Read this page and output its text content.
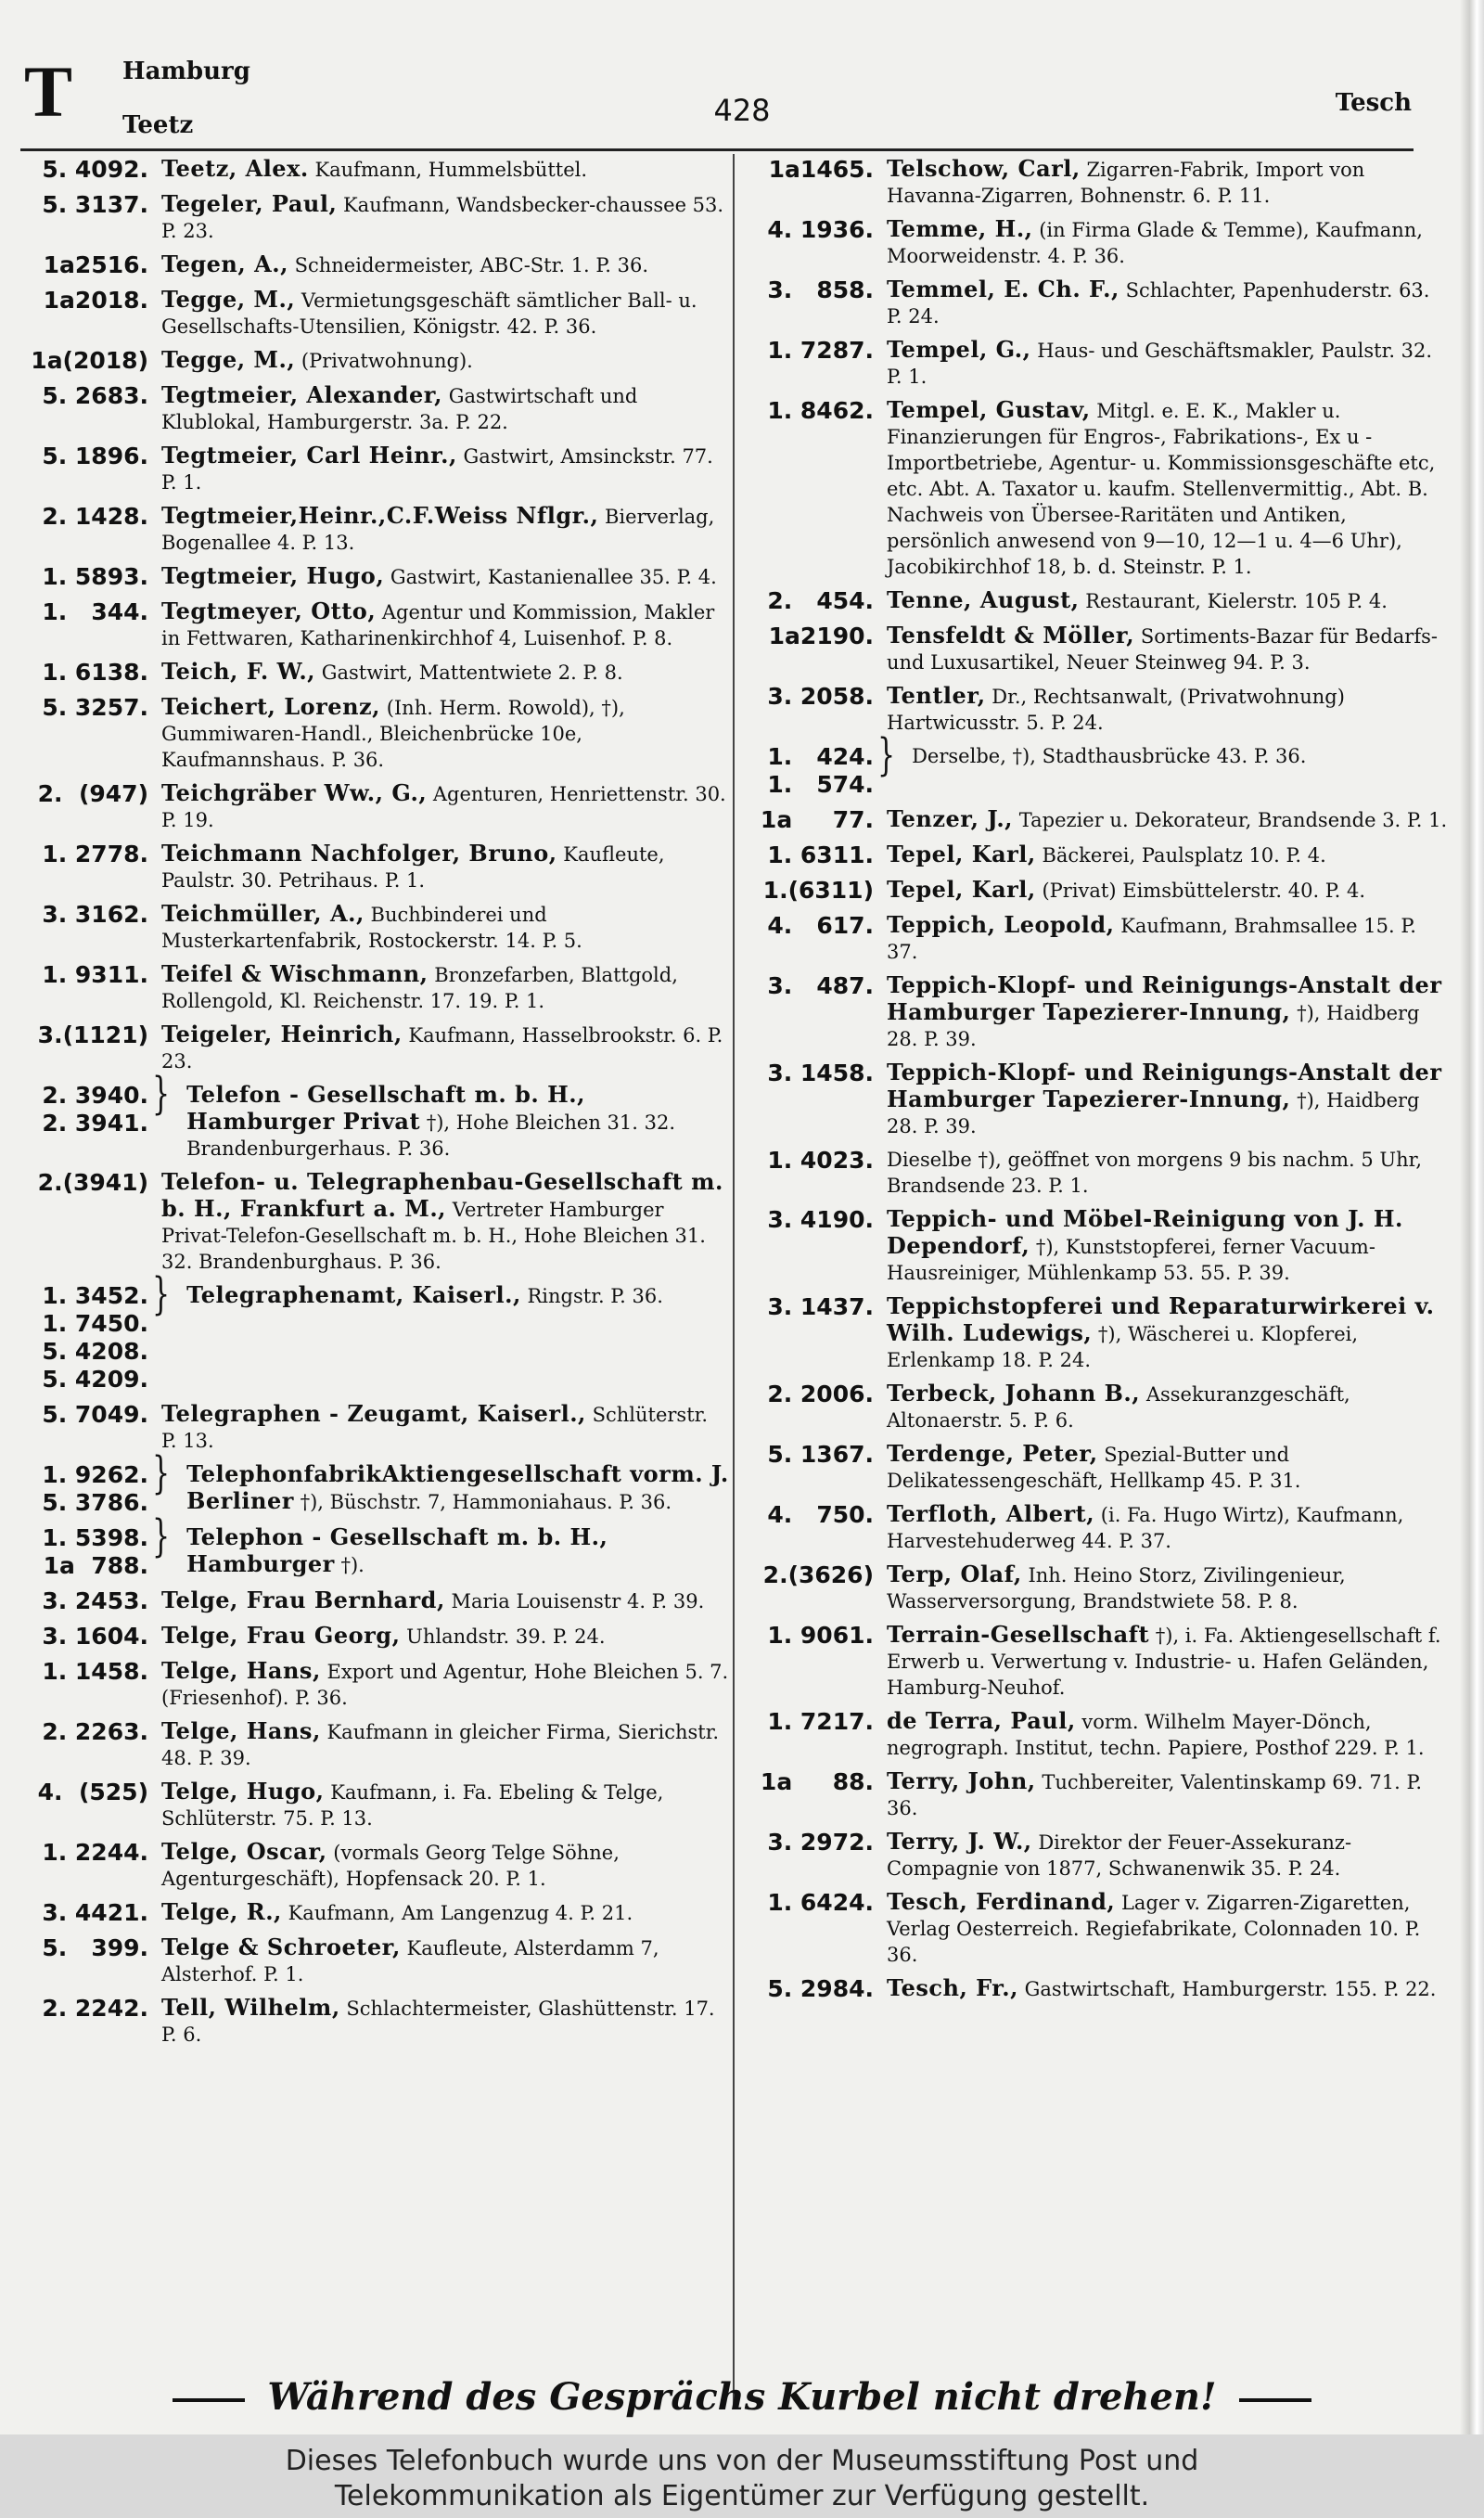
T Hamburg
Teetz	428	Tesch
5. 4092. Teetz, Alex. Kaufmann, Hummelsbüttel.
5. 3137. Tegeler, Paul, Kaufmann, Wandsbecker-chaussee 53. P. 23.
1a2516. Tegen, A., Schneidermeister, ABC-Str. 1. P. 36.
1a2018. Tegge, M., Vermietungsgeschäft sämtlicher Ball- u. Gesellschafts-Utensilien, Königstr. 42. P. 36.
1a(2018) Tegge, M., (Privatwohnung).
5. 2683. Tegtmeier, Alexander, Gastwirtschaft und Klublokal, Hamburgerstr. 3a. P. 22.
5. 1896. Tegtmeier, Carl Heinr., Gastwirt, Amsinckstr. 77. P. 1.
2. 1428. Tegtmeier,Heinr.,C.F.Weiss Nflgr., Bierverlag, Bogenallee 4. P. 13.
1. 5893. Tegtmeier, Hugo, Gastwirt, Kastanienallee 35. P. 4.
1.   344. Tegtmeyer, Otto, Agentur und Kommission, Makler in Fettwaren, Katharinenkirchhof 4, Luisenhof. P. 8.
1. 6138. Teich, F. W., Gastwirt, Mattentwiete 2. P. 8.
5. 3257. Teichert, Lorenz, (Inh. Herm. Rowold), †), Gummiwaren-Handl., Bleichenbrücke 10e, Kaufmannshaus. P. 36.
2.  (947) Teichgräber Ww., G., Agenturen, Henriettenstr. 30. P. 19.
1. 2778. Teichmann Nachfolger, Bruno, Kaufleute, Paulstr. 30. Petrihaus. P. 1.
3. 3162. Teichmüller, A., Buchbinderei und Musterkartenfabrik, Rostockerstr. 14. P. 5.
1. 9311. Teifel & Wischmann, Bronzefarben, Blattgold, Rollengold, Kl. Reichenstr. 17. 19. P. 1.
3.(1121) Teigeler, Heinrich, Kaufmann, Hasselbrookstr. 6. P. 23.
2. 3940.
2. 3941.
} Telefon - Gesellschaft m. b. H., Hamburger Privat †), Hohe Bleichen 31. 32. Brandenburgerhaus. P. 36.
2.(3941) Telefon- u. Telegraphenbau-Gesellschaft m. b. H., Frankfurt a. M., Vertreter Hamburger Privat-Telefon-Gesellschaft m. b. H., Hohe Bleichen 31. 32. Brandenburghaus. P. 36.
1. 3452.
1. 7450.
5. 4208.
5. 4209.
} Telegraphenamt, Kaiserl., Ringstr. P. 36.
5. 7049. Telegraphen - Zeugamt, Kaiserl., Schlüterstr. P. 13.
1. 9262.
5. 3786.
} TelephonfabrikAktiengesellschaft vorm. J. Berliner †), Büschstr. 7, Hammoniahaus. P. 36.
1. 5398.
1a  788.
} Telephon - Gesellschaft m. b. H., Hamburger †).
3. 2453. Telge, Frau Bernhard, Maria Louisenstr 4. P. 39.
3. 1604. Telge, Frau Georg, Uhlandstr. 39. P. 24.
1. 1458. Telge, Hans, Export und Agentur, Hohe Bleichen 5. 7. (Friesenhof). P. 36.
2. 2263. Telge, Hans, Kaufmann in gleicher Firma, Sierichstr. 48. P. 39.
4.  (525) Telge, Hugo, Kaufmann, i. Fa. Ebeling & Telge, Schlüterstr. 75. P. 13.
1. 2244. Telge, Oscar, (vormals Georg Telge Söhne, Agenturgeschäft), Hopfensack 20. P. 1.
3. 4421. Telge, R., Kaufmann, Am Langenzug 4. P. 21.
5.   399. Telge & Schroeter, Kaufleute, Alsterdamm 7, Alsterhof. P. 1.
2. 2242. Tell, Wilhelm, Schlachtermeister, Glashüttenstr. 17. P. 6.
1a1465. Telschow, Carl, Zigarren-Fabrik, Import von Havanna-Zigarren, Bohnenstr. 6. P. 11.
4. 1936. Temme, H., (in Firma Glade & Temme), Kaufmann, Moorweidenstr. 4. P. 36.
3.   858. Temmel, E. Ch. F., Schlachter, Papenhuderstr. 63. P. 24.
1. 7287. Tempel, G., Haus- und Geschäftsmakler, Paulstr. 32. P. 1.
1. 8462. Tempel, Gustav, Mitgl. e. E. K., Makler u. Finanzierungen für Engros-, Fabrikations-, Ex u -Importbetriebe, Agentur- u. Kommissionsgeschäfte etc, etc. Abt. A. Taxator u. kaufm. Stellenvermittig., Abt. B. Nachweis von Übersee-Raritäten und Antiken, persönlich anwesend von 9—10, 12—1 u. 4—6 Uhr), Jacobikirchhof 18, b. d. Steinstr. P. 1.
2.   454. Tenne, August, Restaurant, Kielerstr. 105 P. 4.
1a2190. Tensfeldt & Möller, Sortiments-Bazar für Bedarfs- und Luxusartikel, Neuer Steinweg 94. P. 3.
3. 2058. Tentler, Dr., Rechtsanwalt, (Privatwohnung) Hartwicusstr. 5. P. 24.
1.   424.
1.   574.
} Derselbe, †), Stadthausbrücke 43. P. 36.
1a     77. Tenzer, J., Tapezier u. Dekorateur, Brandsende 3. P. 1.
1. 6311. Tepel, Karl, Bäckerei, Paulsplatz 10. P. 4.
1.(6311) Tepel, Karl, (Privat) Eimsbüttelerstr. 40. P. 4.
4.   617. Teppich, Leopold, Kaufmann, Brahmsallee 15. P. 37.
3.   487. Teppich-Klopf- und Reinigungs-Anstalt der Hamburger Tapezierer-Innung, †), Haidberg 28. P. 39.
3. 1458. Teppich-Klopf- und Reinigungs-Anstalt der Hamburger Tapezierer-Innung, †), Haidberg 28. P. 39.
1. 4023. Dieselbe †), geöffnet von morgens 9 bis nachm. 5 Uhr, Brandsende 23. P. 1.
3. 4190. Teppich- und Möbel-Reinigung von J. H. Dependorf, †), Kunststopferei, ferner Vacuum-Hausreiniger, Mühlenkamp 53. 55. P. 39.
3. 1437. Teppichstopferei und Reparaturwirkerei v. Wilh. Ludewigs, †), Wäscherei u. Klopferei, Erlenkamp 18. P. 24.
2. 2006. Terbeck, Johann B., Assekuranzgeschäft, Altonaerstr. 5. P. 6.
5. 1367. Terdenge, Peter, Spezial-Butter und Delikatessengeschäft, Hellkamp 45. P. 31.
4.   750. Terfloth, Albert, (i. Fa. Hugo Wirtz), Kaufmann, Harvestehuderweg 44. P. 37.
2.(3626) Terp, Olaf, Inh. Heino Storz, Zivilingenieur, Wasserversorgung, Brandstwiete 58. P. 8.
1. 9061. Terrain-Gesellschaft †), i. Fa. Aktiengesellschaft f. Erwerb u. Verwertung v. Industrie- u. Hafen Geländen, Hamburg-Neuhof.
1. 7217. de Terra, Paul, vorm. Wilhelm Mayer-Dönch, negrograph. Institut, techn. Papiere, Posthof 229. P. 1.
1a     88. Terry, John, Tuchbereiter, Valentinskamp 69. 71. P. 36.
3. 2972. Terry, J. W., Direktor der Feuer-Assekuranz-Compagnie von 1877, Schwanenwik 35. P. 24.
1. 6424. Tesch, Ferdinand, Lager v. Zigarren-Zigaretten, Verlag Oesterreich. Regiefabrikate, Colonnaden 10. P. 36.
5. 2984. Tesch, Fr., Gastwirtschaft, Hamburgerstr. 155. P. 22.
Während des Gesprächs Kurbel nicht drehen!
Dieses Telefonbuch wurde uns von der Museumsstiftung Post und
Telekommunikation als Eigentümer zur Verfügung gestellt.
